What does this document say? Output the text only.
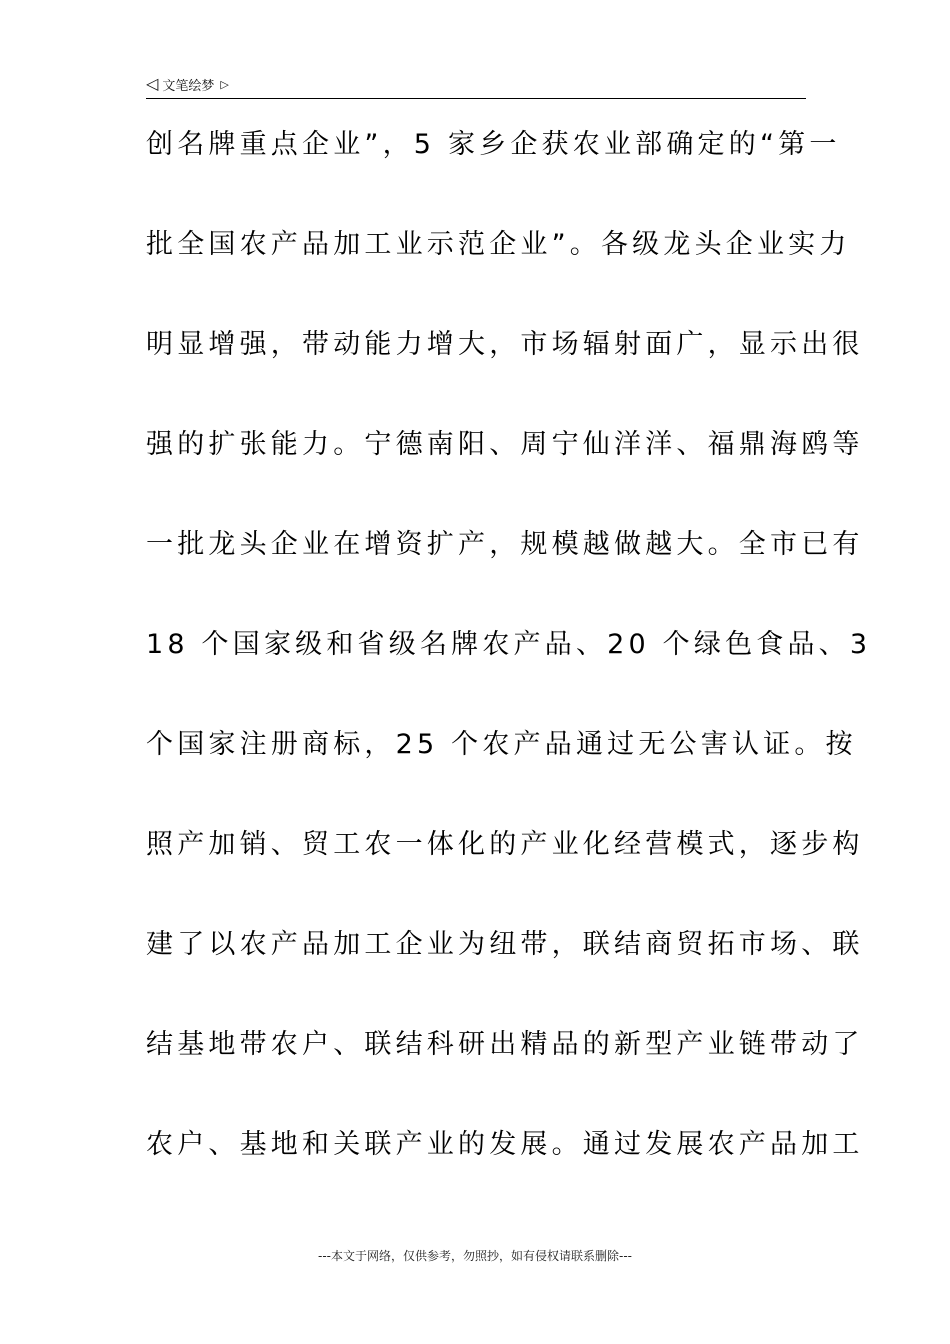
◁ 文笔绘梦 ▷
创名牌重点企业”，5 家乡企获农业部确定的“第一
批全国农产品加工业示范企业”。各级龙头企业实力
明显增强，带动能力增大，市场辐射面广，显示出很
强的扩张能力。宁德南阳、周宁仙洋洋、福鼎海鸥等
一批龙头企业在增资扩产，规模越做越大。全市已有
18 个国家级和省级名牌农产品、20 个绿色食品、3
个国家注册商标，25 个农产品通过无公害认证。按
照产加销、贸工农一体化的产业化经营模式，逐步构
建了以农产品加工企业为纽带，联结商贸拓市场、联
结基地带农户、联结科研出精品的新型产业链带动了
农户、基地和关联产业的发展。通过发展农产品加工
---本文于网络，仅供参考，勿照抄，如有侵权请联系删除---
